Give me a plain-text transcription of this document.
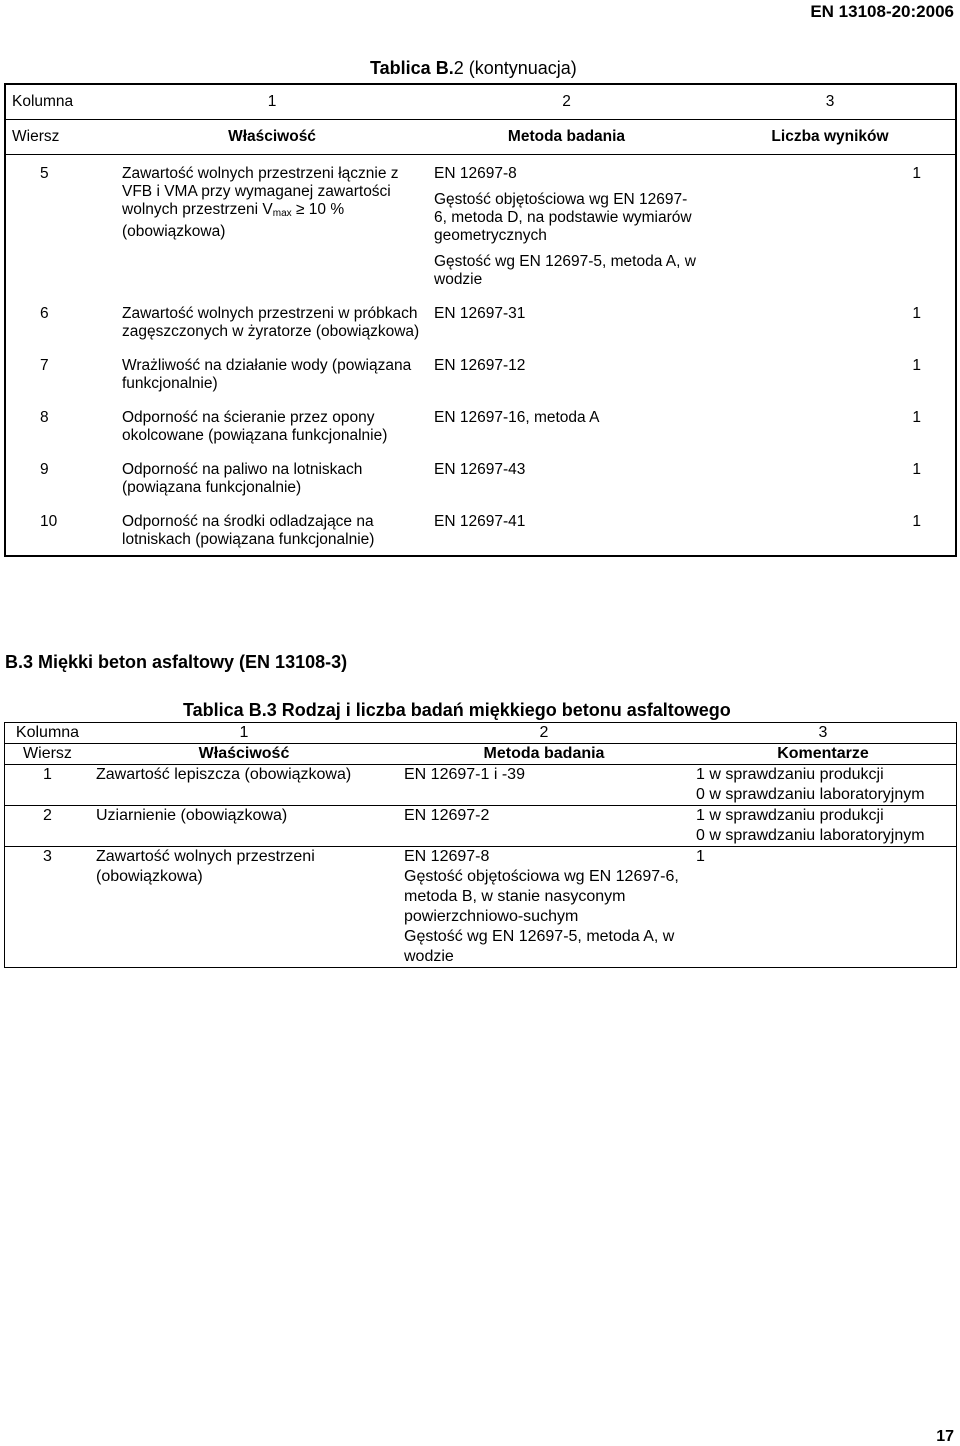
EN 13108-20:2006
Tablica B.2 (kontynuacja)
Kolumna	1	2	3
Wiersz	Właściwość	Metoda badania	Liczba wyników
5	Zawartość wolnych przestrzeni łącznie z VFB i VMA przy wymaganej zawartości wolnych przestrzeni $V_{max} \ge 10$ % (obowiązkowa)	EN 12697-8
Gęstość objętościowa wg EN 12697-6, metoda D, na podstawie wymiarów geometrycznych
Gęstość wg EN 12697-5, metoda A, w wodzie	1
6	Zawartość wolnych przestrzeni w próbkach zagęszczonych w żyratorze (obowiązkowa)	EN 12697-31	1
7	Wrażliwość na działanie wody (powiązana funkcjonalnie)	EN 12697-12	1
8	Odporność na ścieranie przez opony okolcowane (powiązana funkcjonalnie)	EN 12697-16, metoda A	1
9	Odporność na paliwo na lotniskach (powiązana funkcjonalnie)	EN 12697-43	1
10	Odporność na środki odladzające na lotniskach (powiązana funkcjonalnie)	EN 12697-41	1
B.3 Miękki beton asfaltowy (EN 13108-3)
Tablica B.3 Rodzaj i liczba badań miękkiego betonu asfaltowego
Kolumna	1	2	3
Wiersz	Właściwość	Metoda badania	Komentarze
1	Zawartość lepiszcza (obowiązkowa)	EN 12697-1 i -39	1 w sprawdzaniu produkcji
0 w sprawdzaniu laboratoryjnym

2	Uziarnienie (obowiązkowa)	EN 12697-2	1 w sprawdzaniu produkcji
0 w sprawdzaniu laboratoryjnym

3	Zawartość wolnych przestrzeni (obowiązkowa)	EN 12697-8
Gęstość objętościowa wg EN 12697-6, metoda B, w stanie nasyconym powierzchniowo-suchym
Gęstość wg EN 12697-5, metoda A, w wodzie	1
17
